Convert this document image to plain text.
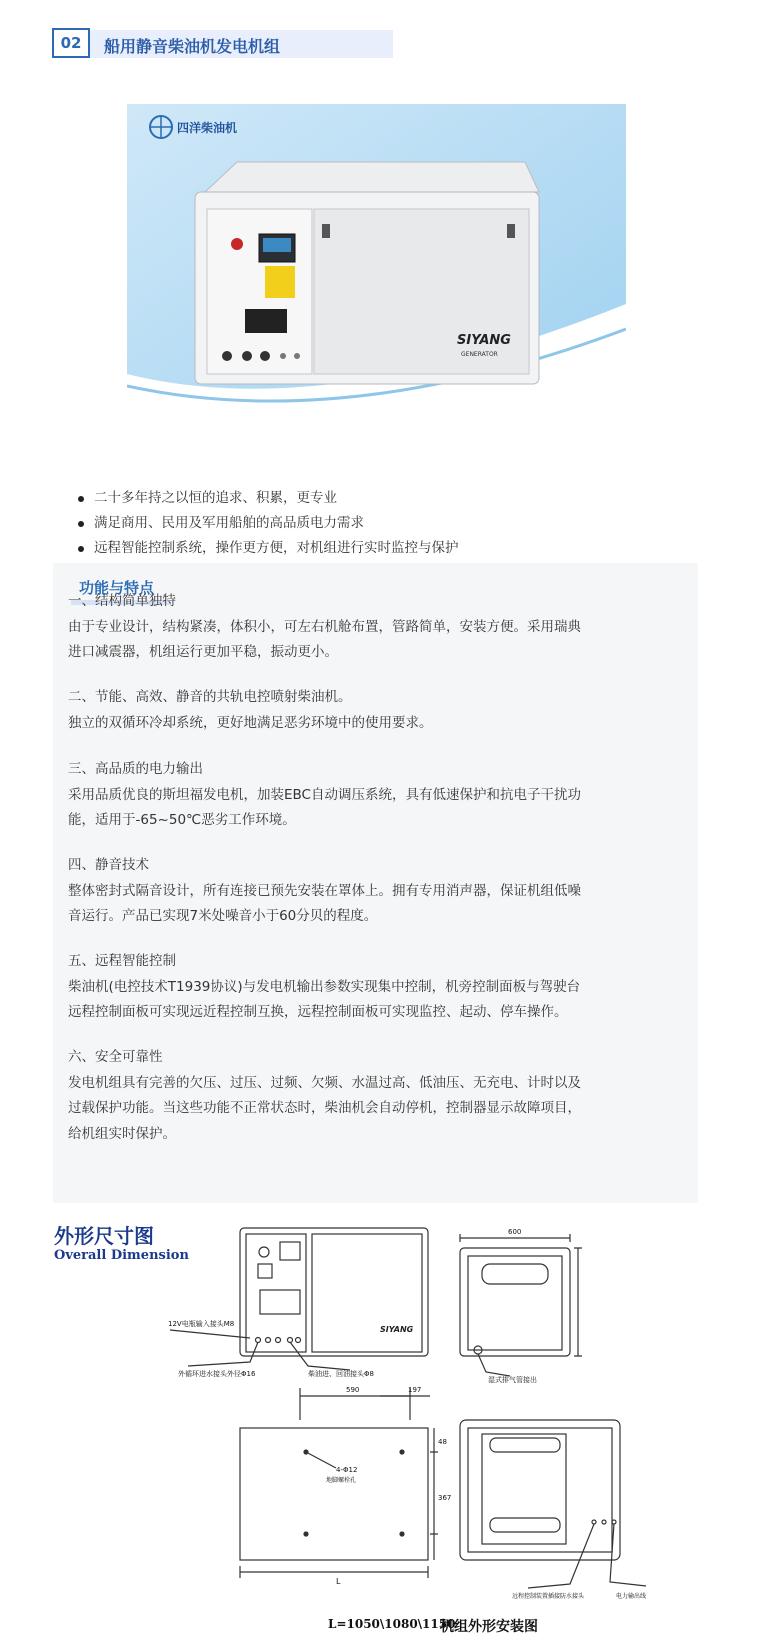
02	船用静音柴油机发电机组
SIYANG
GENERATOR
四洋柴油机
二十多年持之以恒的追求、积累，更专业
满足商用、民用及军用船舶的高品质电力需求
远程智能控制系统，操作更方便，对机组进行实时监控与保护
功能与特点

一、结构简单独特

由于专业设计，结构紧凑，体积小，可左右机舱布置，管路简单，安装方便。采用瑞典

进口减震器，机组运行更加平稳，振动更小。

二、节能、高效、静音的共轨电控喷射柴油机。

独立的双循环冷却系统，更好地满足恶劣环境中的使用要求。

三、高品质的电力输出

采用品质优良的斯坦福发电机，加装EBC自动调压系统，具有低速保护和抗电子干扰功

能，适用于-65~50℃恶劣工作环境。

四、静音技术

整体密封式隔音设计，所有连接已预先安装在罩体上。拥有专用消声器，保证机组低噪

音运行。产品已实现7米处噪音小于60分贝的程度。

五、远程智能控制

柴油机(电控技术T1939协议)与发电机输出参数实现集中控制，机旁控制面板与驾驶台

远程控制面板可实现远近程控制互换，远程控制面板可实现监控、起动、停车操作。

六、安全可靠性

发电机组具有完善的欠压、过压、过频、欠频、水温过高、低油压、无充电、计时以及

过载保护功能。当这些功能不正常状态时，柴油机会自动停机，控制器显示故障项目，

给机组实时保护。

外形尺寸图
Overall Dimension
SIYANG
12V电瓶输入接头M8
外循环进水接头外径Φ16	柴油进、回油接头Φ8
600
湿式排气管接出
590	197
4-Φ12
地脚螺栓孔
367
48
L
远程控制装置插接防水接头	电力输出线
L=1050\1080\1150
机组外形安装图
